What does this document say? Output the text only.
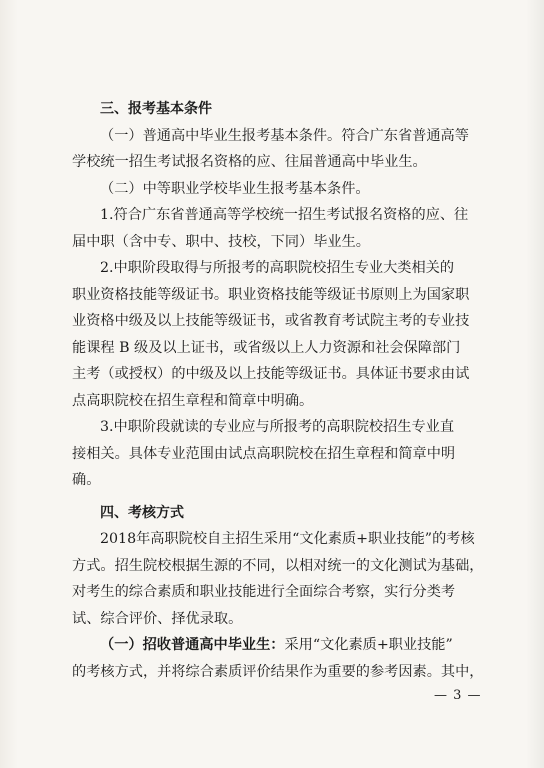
三、报考基本条件
（一）普通高中毕业生报考基本条件。符合广东省普通高等
学校统一招生考试报名资格的应、往届普通高中毕业生。
（二）中等职业学校毕业生报考基本条件。
1.符合广东省普通高等学校统一招生考试报名资格的应、往
届中职（含中专、职中、技校，下同）毕业生。
2.中职阶段取得与所报考的高职院校招生专业大类相关的
职业资格技能等级证书。职业资格技能等级证书原则上为国家职
业资格中级及以上技能等级证书，或省教育考试院主考的专业技
能课程 B 级及以上证书，或省级以上人力资源和社会保障部门
主考（或授权）的中级及以上技能等级证书。具体证书要求由试
点高职院校在招生章程和简章中明确。
3.中职阶段就读的专业应与所报考的高职院校招生专业直
接相关。具体专业范围由试点高职院校在招生章程和简章中明
确。
四、考核方式
2018年高职院校自主招生采用“文化素质+职业技能”的考核
方式。招生院校根据生源的不同，以相对统一的文化测试为基础，
对考生的综合素质和职业技能进行全面综合考察，实行分类考
试、综合评价、择优录取。
（一）招收普通高中毕业生：采用“文化素质+职业技能”
的考核方式，并将综合素质评价结果作为重要的参考因素。其中，
— 3 —
